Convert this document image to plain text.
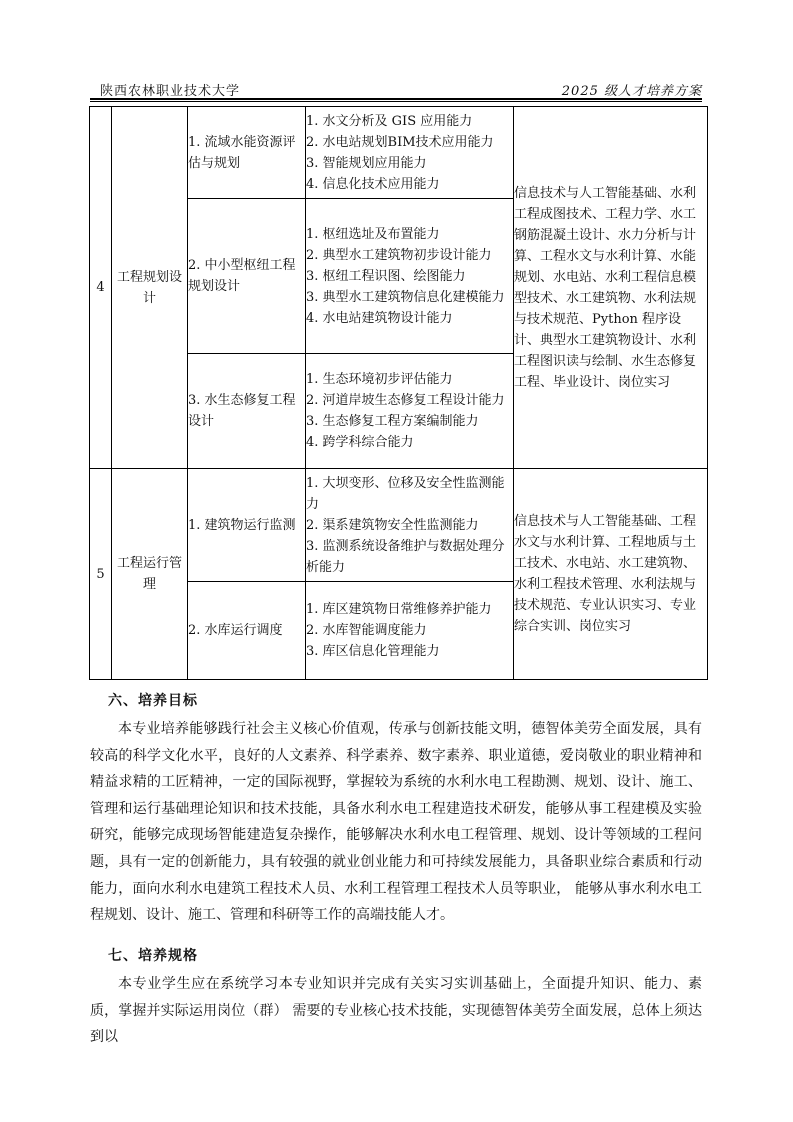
陕西农林职业技术大学	2025 级人才培养方案
4	工程规划设计	1. 流域水能资源评估与规划	1. 水文分析及 GIS 应用能力
2. 水电站规划BIM技术应用能力
3. 智能规划应用能力
4. 信息化技术应用能力	信息技术与人工智能基础、水利工程成图技术、工程力学、水工钢筋混凝土设计、水力分析与计算、工程水文与水利计算、水能规划、水电站、水利工程信息模型技术、水工建筑物、水利法规与技术规范、Python 程序设计、典型水工建筑物设计、水利工程图识读与绘制、水生态修复工程、毕业设计、岗位实习
		2. 中小型枢纽工程规划设计	1. 枢纽选址及布置能力
2. 典型水工建筑物初步设计能力
3. 枢纽工程识图、绘图能力
3. 典型水工建筑物信息化建模能力
4. 水电站建筑物设计能力	

		3. 水生态修复工程设计	1. 生态环境初步评估能力
2. 河道岸坡生态修复工程设计能力
3. 生态修复工程方案编制能力
4. 跨学科综合能力	

5	工程运行管理	1. 建筑物运行监测	1. 大坝变形、位移及安全性监测能力
2. 渠系建筑物安全性监测能力
3. 监测系统设备维护与数据处理分析能力	信息技术与人工智能基础、工程水文与水利计算、工程地质与土工技术、水电站、水工建筑物、水利工程技术管理、水利法规与技术规范、专业认识实习、专业综合实训、岗位实习
		2. 水库运行调度	1. 库区建筑物日常维修养护能力
2. 水库智能调度能力
3. 库区信息化管理能力	
六、培养目标
本专业培养能够践行社会主义核心价值观，传承与创新技能文明，德智体美劳全面发展，具有较高的科学文化水平，良好的人文素养、科学素养、数字素养、职业道德，爱岗敬业的职业精神和精益求精的工匠精神，一定的国际视野，掌握较为系统的水利水电工程勘测、规划、设计、施工、管理和运行基础理论知识和技术技能，具备水利水电工程建造技术研发，能够从事工程建模及实验研究，能够完成现场智能建造复杂操作，能够解决水利水电工程管理、规划、设计等领域的工程问题，具有一定的创新能力，具有较强的就业创业能力和可持续发展能力，具备职业综合素质和行动能力，面向水利水电建筑工程技术人员、水利工程管理工程技术人员等职业， 能够从事水利水电工程规划、设计、施工、管理和科研等工作的高端技能人才。
七、培养规格
本专业学生应在系统学习本专业知识并完成有关实习实训基础上，全面提升知识、能力、素质，掌握并实际运用岗位（群） 需要的专业核心技术技能，实现德智体美劳全面发展，总体上须达到以
